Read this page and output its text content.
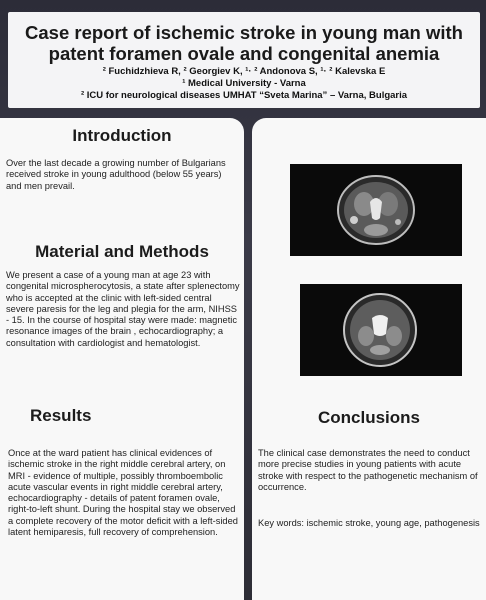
Case report of ischemic stroke in young man with
patent foramen ovale and congenital anemia
² Fuchidzhieva R, ² Georgiev K, ¹· ² Andonova S, ¹· ² Kalevska E
¹ Medical University - Varna
² ICU for neurological diseases UMHAT “Sveta Marina” – Varna, Bulgaria
Introduction
Over the last decade a growing number of Bulgarians received stroke in young adulthood (below 55 years) and men prevail.
Material and Methods
We present a case of a young man at age 23 with congenital microspherocytosis, a state after splenectomy who is accepted at the clinic with left-sided central severe paresis for the leg and plegia for the arm, NIHSS - 15. In the course of hospital stay were made: magnetic resonance images of the brain , echocardiography; a consultation with cardiologist and hematologist.
Results
Once at the ward patient has clinical evidences of ischemic stroke in the right middle cerebral artery, on MRI - evidence of multiple, possibly thromboembolic acute vascular events in right middle cerebral artery, echocardiography - details of patent foramen ovale, right-to-left shunt. During the hospital stay we observed a complete recovery of the motor deficit with a left-sided latent hemiparesis, full recovery of comprehension.
Conclusions
The clinical case demonstrates the need to conduct more precise studies in young patients with acute stroke with respect to the pathogenetic mechanism of occurrence.
Key words: ischemic stroke, young age, pathogenesis
